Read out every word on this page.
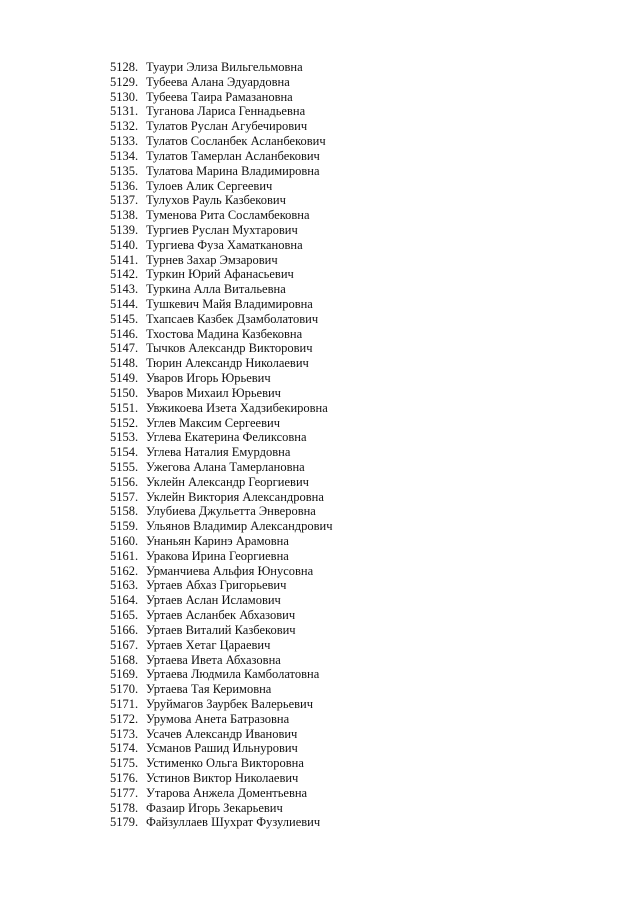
5128. Туаури Элиза Вильгельмовна
5129. Тубеева Алана Эдуардовна
5130. Тубеева Таира Рамазановна
5131. Туганова Лариса Геннадьевна
5132. Тулатов Руслан Агубечирович
5133. Тулатов Сосланбек Асланбекович
5134. Тулатов Тамерлан Асланбекович
5135. Тулатова Марина Владимировна
5136. Тулоев Алик Сергеевич
5137. Тулухов Рауль Казбекович
5138. Туменова Рита Сосламбековна
5139. Тургиев Руслан Мухтарович
5140. Тургиева Фуза Хаматкановна
5141. Турнев Захар Эмзарович
5142. Туркин Юрий Афанасьевич
5143. Туркина Алла Витальевна
5144. Тушкевич Майя Владимировна
5145. Тхапсаев Казбек Дзамболатович
5146. Тхостова Мадина Казбековна
5147. Тычков Александр Викторович
5148. Тюрин Александр Николаевич
5149. Уваров Игорь Юрьевич
5150. Уваров Михаил Юрьевич
5151. Увжикоева Изета Хадзибекировна
5152. Углев Максим Сергеевич
5153. Углева Екатерина Феликсовна
5154. Углева Наталия Емурдовна
5155. Ужегова Алана Тамерлановна
5156. Уклейн Александр Георгиевич
5157. Уклейн Виктория Александровна
5158. Улубиева Джульетта Энверовна
5159. Ульянов Владимир Александрович
5160. Унаньян Каринэ Арамовна
5161. Уракова Ирина Георгиевна
5162. Урманчиева Альфия Юнусовна
5163. Уртаев Абхаз Григорьевич
5164. Уртаев Аслан Исламович
5165. Уртаев Асланбек Абхазович
5166. Уртаев Виталий Казбекович
5167. Уртаев Хетаг Цараевич
5168. Уртаева Ивета Абхазовна
5169. Уртаева Людмила Камболатовна
5170. Уртаева Тая Керимовна
5171. Уруймагов Заурбек Валерьевич
5172. Урумова Анета Батразовна
5173. Усачев Александр Иванович
5174. Усманов Рашид Ильнурович
5175. Устименко Ольга Викторовна
5176. Устинов Виктор Николаевич
5177. Утарова Анжела Доментьевна
5178. Фазаир Игорь Зекарьевич
5179. Файзуллаев Шухрат Фузулиевич
